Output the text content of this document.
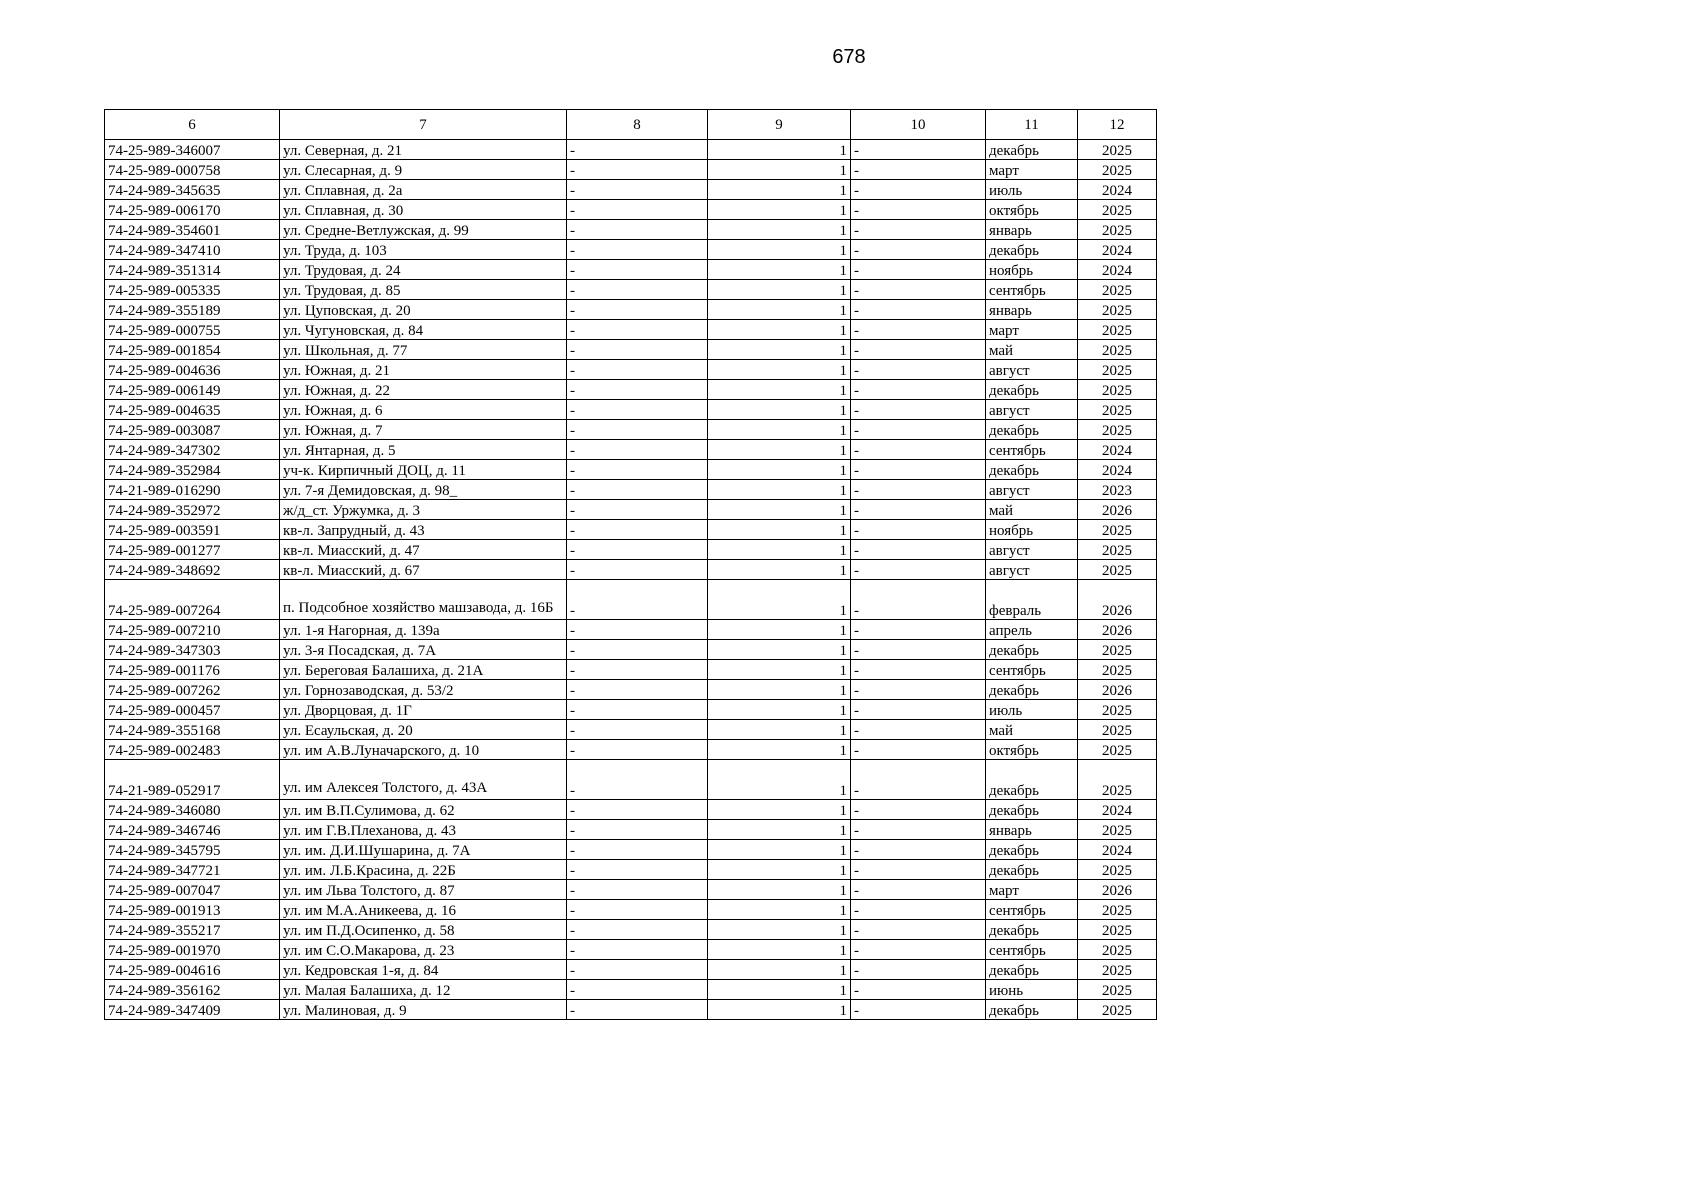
678
6	7	8	9	10	11	12
74-25-989-346007	ул. Северная, д. 21	-	1	-	декабрь	2025
74-25-989-000758	ул. Слесарная, д. 9	-	1	-	март	2025
74-24-989-345635	ул. Сплавная, д. 2а	-	1	-	июль	2024
74-25-989-006170	ул. Сплавная, д. 30	-	1	-	октябрь	2025
74-24-989-354601	ул. Средне-Ветлужская, д. 99	-	1	-	январь	2025
74-24-989-347410	ул. Труда, д. 103	-	1	-	декабрь	2024
74-24-989-351314	ул. Трудовая, д. 24	-	1	-	ноябрь	2024
74-25-989-005335	ул. Трудовая, д. 85	-	1	-	сентябрь	2025
74-24-989-355189	ул. Цуповская, д. 20	-	1	-	январь	2025
74-25-989-000755	ул. Чугуновская, д. 84	-	1	-	март	2025
74-25-989-001854	ул. Школьная, д. 77	-	1	-	май	2025
74-25-989-004636	ул. Южная, д. 21	-	1	-	август	2025
74-25-989-006149	ул. Южная, д. 22	-	1	-	декабрь	2025
74-25-989-004635	ул. Южная, д. 6	-	1	-	август	2025
74-25-989-003087	ул. Южная, д. 7	-	1	-	декабрь	2025
74-24-989-347302	ул. Янтарная, д. 5	-	1	-	сентябрь	2024
74-24-989-352984	уч-к. Кирпичный ДОЦ, д. 11	-	1	-	декабрь	2024
74-21-989-016290	ул. 7-я Демидовская, д. 98_	-	1	-	август	2023
74-24-989-352972	ж/д_ст. Уржумка, д. 3	-	1	-	май	2026
74-25-989-003591	кв-л. Запрудный, д. 43	-	1	-	ноябрь	2025
74-25-989-001277	кв-л. Миасский, д. 47	-	1	-	август	2025
74-24-989-348692	кв-л. Миасский, д. 67	-	1	-	август	2025
74-25-989-007264	п. Подсобное хозяйство машзавода, д. 16Б	-	1	-	февраль	2026
74-25-989-007210	ул. 1-я Нагорная, д. 139а	-	1	-	апрель	2026
74-24-989-347303	ул. 3-я Посадская, д. 7А	-	1	-	декабрь	2025
74-25-989-001176	ул. Береговая Балашиха, д. 21А	-	1	-	сентябрь	2025
74-25-989-007262	ул. Горнозаводская, д. 53/2	-	1	-	декабрь	2026
74-25-989-000457	ул. Дворцовая, д. 1Г	-	1	-	июль	2025
74-24-989-355168	ул. Есаульская, д. 20	-	1	-	май	2025
74-25-989-002483	ул. им А.В.Луначарского, д. 10	-	1	-	октябрь	2025
74-21-989-052917	ул. им Алексея Толстого, д. 43А	-	1	-	декабрь	2025
74-24-989-346080	ул. им В.П.Сулимова, д. 62	-	1	-	декабрь	2024
74-24-989-346746	ул. им Г.В.Плеханова, д. 43	-	1	-	январь	2025
74-24-989-345795	ул. им. Д.И.Шушарина, д. 7А	-	1	-	декабрь	2024
74-24-989-347721	ул. им. Л.Б.Красина, д. 22Б	-	1	-	декабрь	2025
74-25-989-007047	ул. им Льва Толстого, д. 87	-	1	-	март	2026
74-25-989-001913	ул. им М.А.Аникеева, д. 16	-	1	-	сентябрь	2025
74-24-989-355217	ул. им П.Д.Осипенко, д. 58	-	1	-	декабрь	2025
74-25-989-001970	ул. им С.О.Макарова, д. 23	-	1	-	сентябрь	2025
74-25-989-004616	ул. Кедровская 1-я, д. 84	-	1	-	декабрь	2025
74-24-989-356162	ул. Малая Балашиха, д. 12	-	1	-	июнь	2025
74-24-989-347409	ул. Малиновая, д. 9	-	1	-	декабрь	2025
